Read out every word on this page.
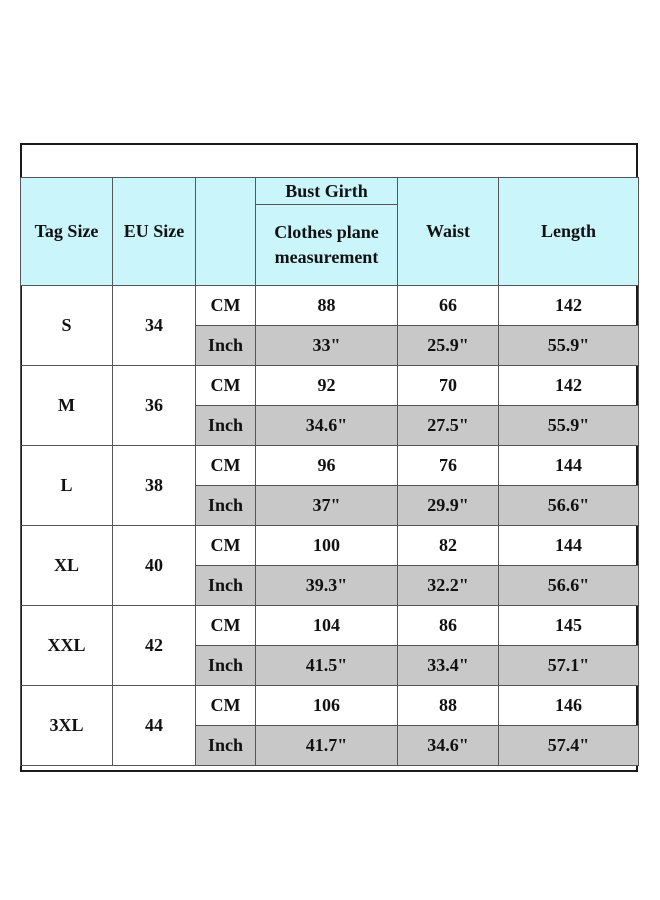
Tag Size	EU Size		Bust Girth	Waist	Length
			Clothes plane measurement		
S	34	CM	88	66	142
		Inch	33"	25.9"	55.9"
M	36	CM	92	70	142
		Inch	34.6"	27.5"	55.9"
L	38	CM	96	76	144
		Inch	37"	29.9"	56.6"
XL	40	CM	100	82	144
		Inch	39.3"	32.2"	56.6"
XXL	42	CM	104	86	145
		Inch	41.5"	33.4"	57.1"
3XL	44	CM	106	88	146
		Inch	41.7"	34.6"	57.4"
